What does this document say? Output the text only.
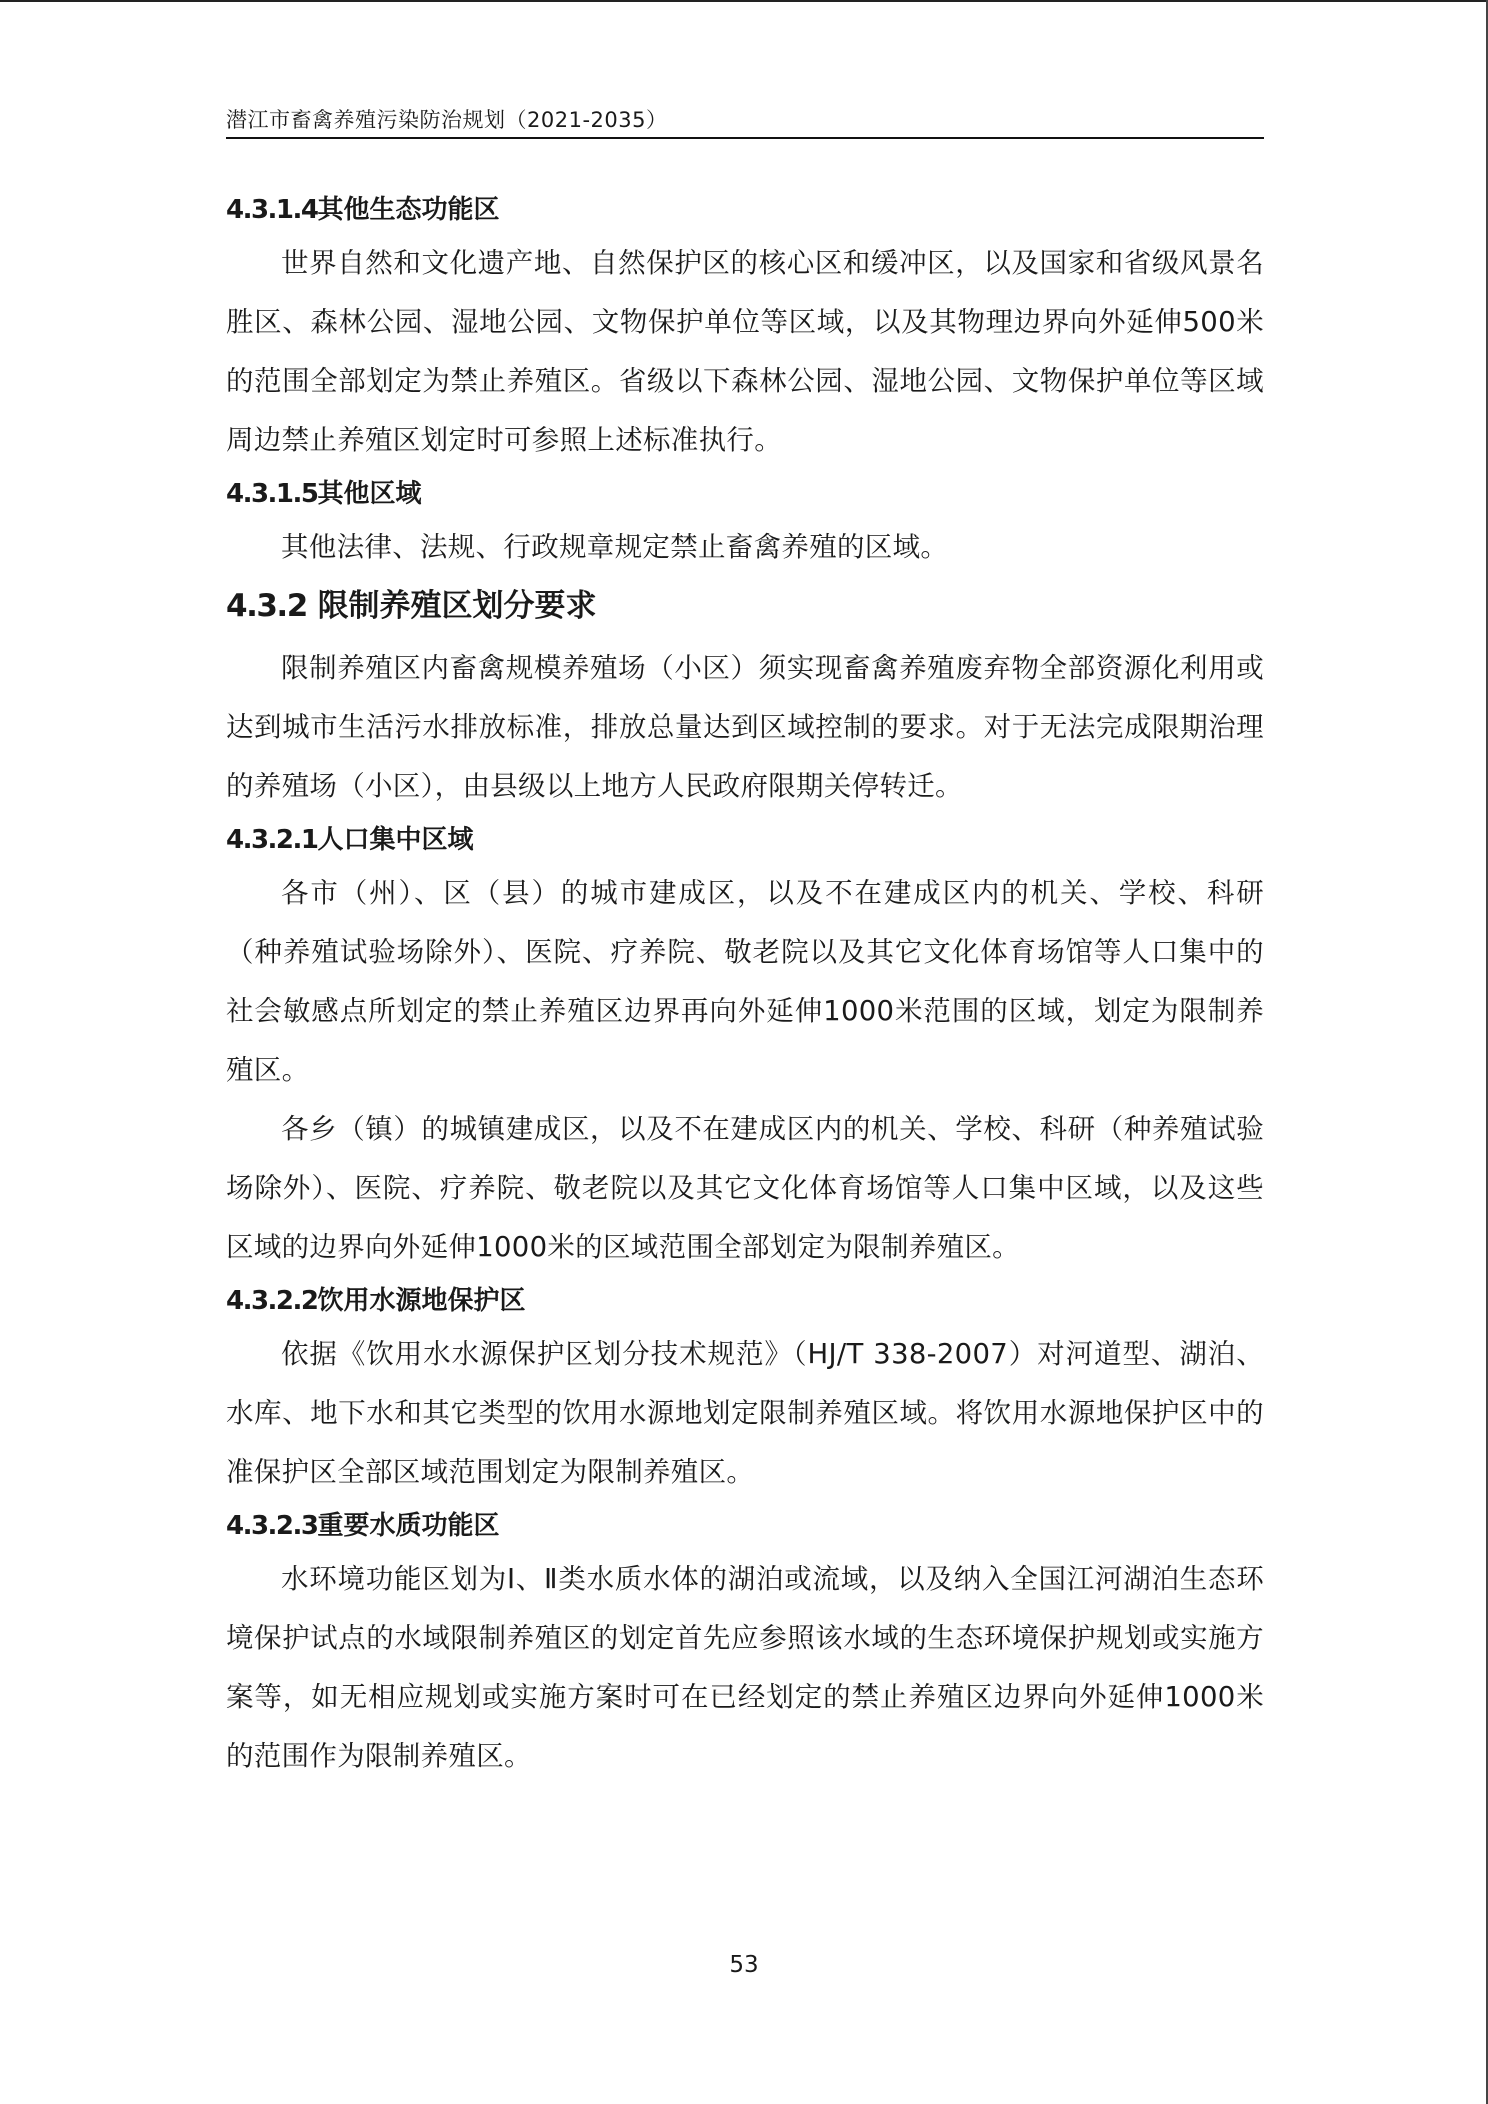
潜江市畜禽养殖污染防治规划（2021-2035）
4.3.1.4其他生态功能区

世界自然和文化遗产地、自然保护区的核心区和缓冲区，以及国家和省级风景名胜区、森林公园、湿地公园、文物保护单位等区域，以及其物理边界向外延伸500米的范围全部划定为禁止养殖区。省级以下森林公园、湿地公园、文物保护单位等区域周边禁止养殖区划定时可参照上述标准执行。

4.3.1.5其他区域

其他法律、法规、行政规章规定禁止畜禽养殖的区域。

4.3.2 限制养殖区划分要求

限制养殖区内畜禽规模养殖场（小区）须实现畜禽养殖废弃物全部资源化利用或达到城市生活污水排放标准，排放总量达到区域控制的要求。对于无法完成限期治理的养殖场（小区），由县级以上地方人民政府限期关停转迁。

4.3.2.1人口集中区域

各市（州）、区（县）的城市建成区，以及不在建成区内的机关、学校、科研（种养殖试验场除外）、医院、疗养院、敬老院以及其它文化体育场馆等人口集中的社会敏感点所划定的禁止养殖区边界再向外延伸1000米范围的区域，划定为限制养殖区。

各乡（镇）的城镇建成区，以及不在建成区内的机关、学校、科研（种养殖试验场除外）、医院、疗养院、敬老院以及其它文化体育场馆等人口集中区域，以及这些区域的边界向外延伸1000米的区域范围全部划定为限制养殖区。

4.3.2.2饮用水源地保护区

依据《饮用水水源保护区划分技术规范》（HJ/T 338-2007）对河道型、湖泊、水库、地下水和其它类型的饮用水源地划定限制养殖区域。将饮用水源地保护区中的准保护区全部区域范围划定为限制养殖区。

4.3.2.3重要水质功能区

水环境功能区划为Ⅰ、Ⅱ类水质水体的湖泊或流域，以及纳入全国江河湖泊生态环境保护试点的水域限制养殖区的划定首先应参照该水域的生态环境保护规划或实施方案等，如无相应规划或实施方案时可在已经划定的禁止养殖区边界向外延伸1000米的范围作为限制养殖区。

53
